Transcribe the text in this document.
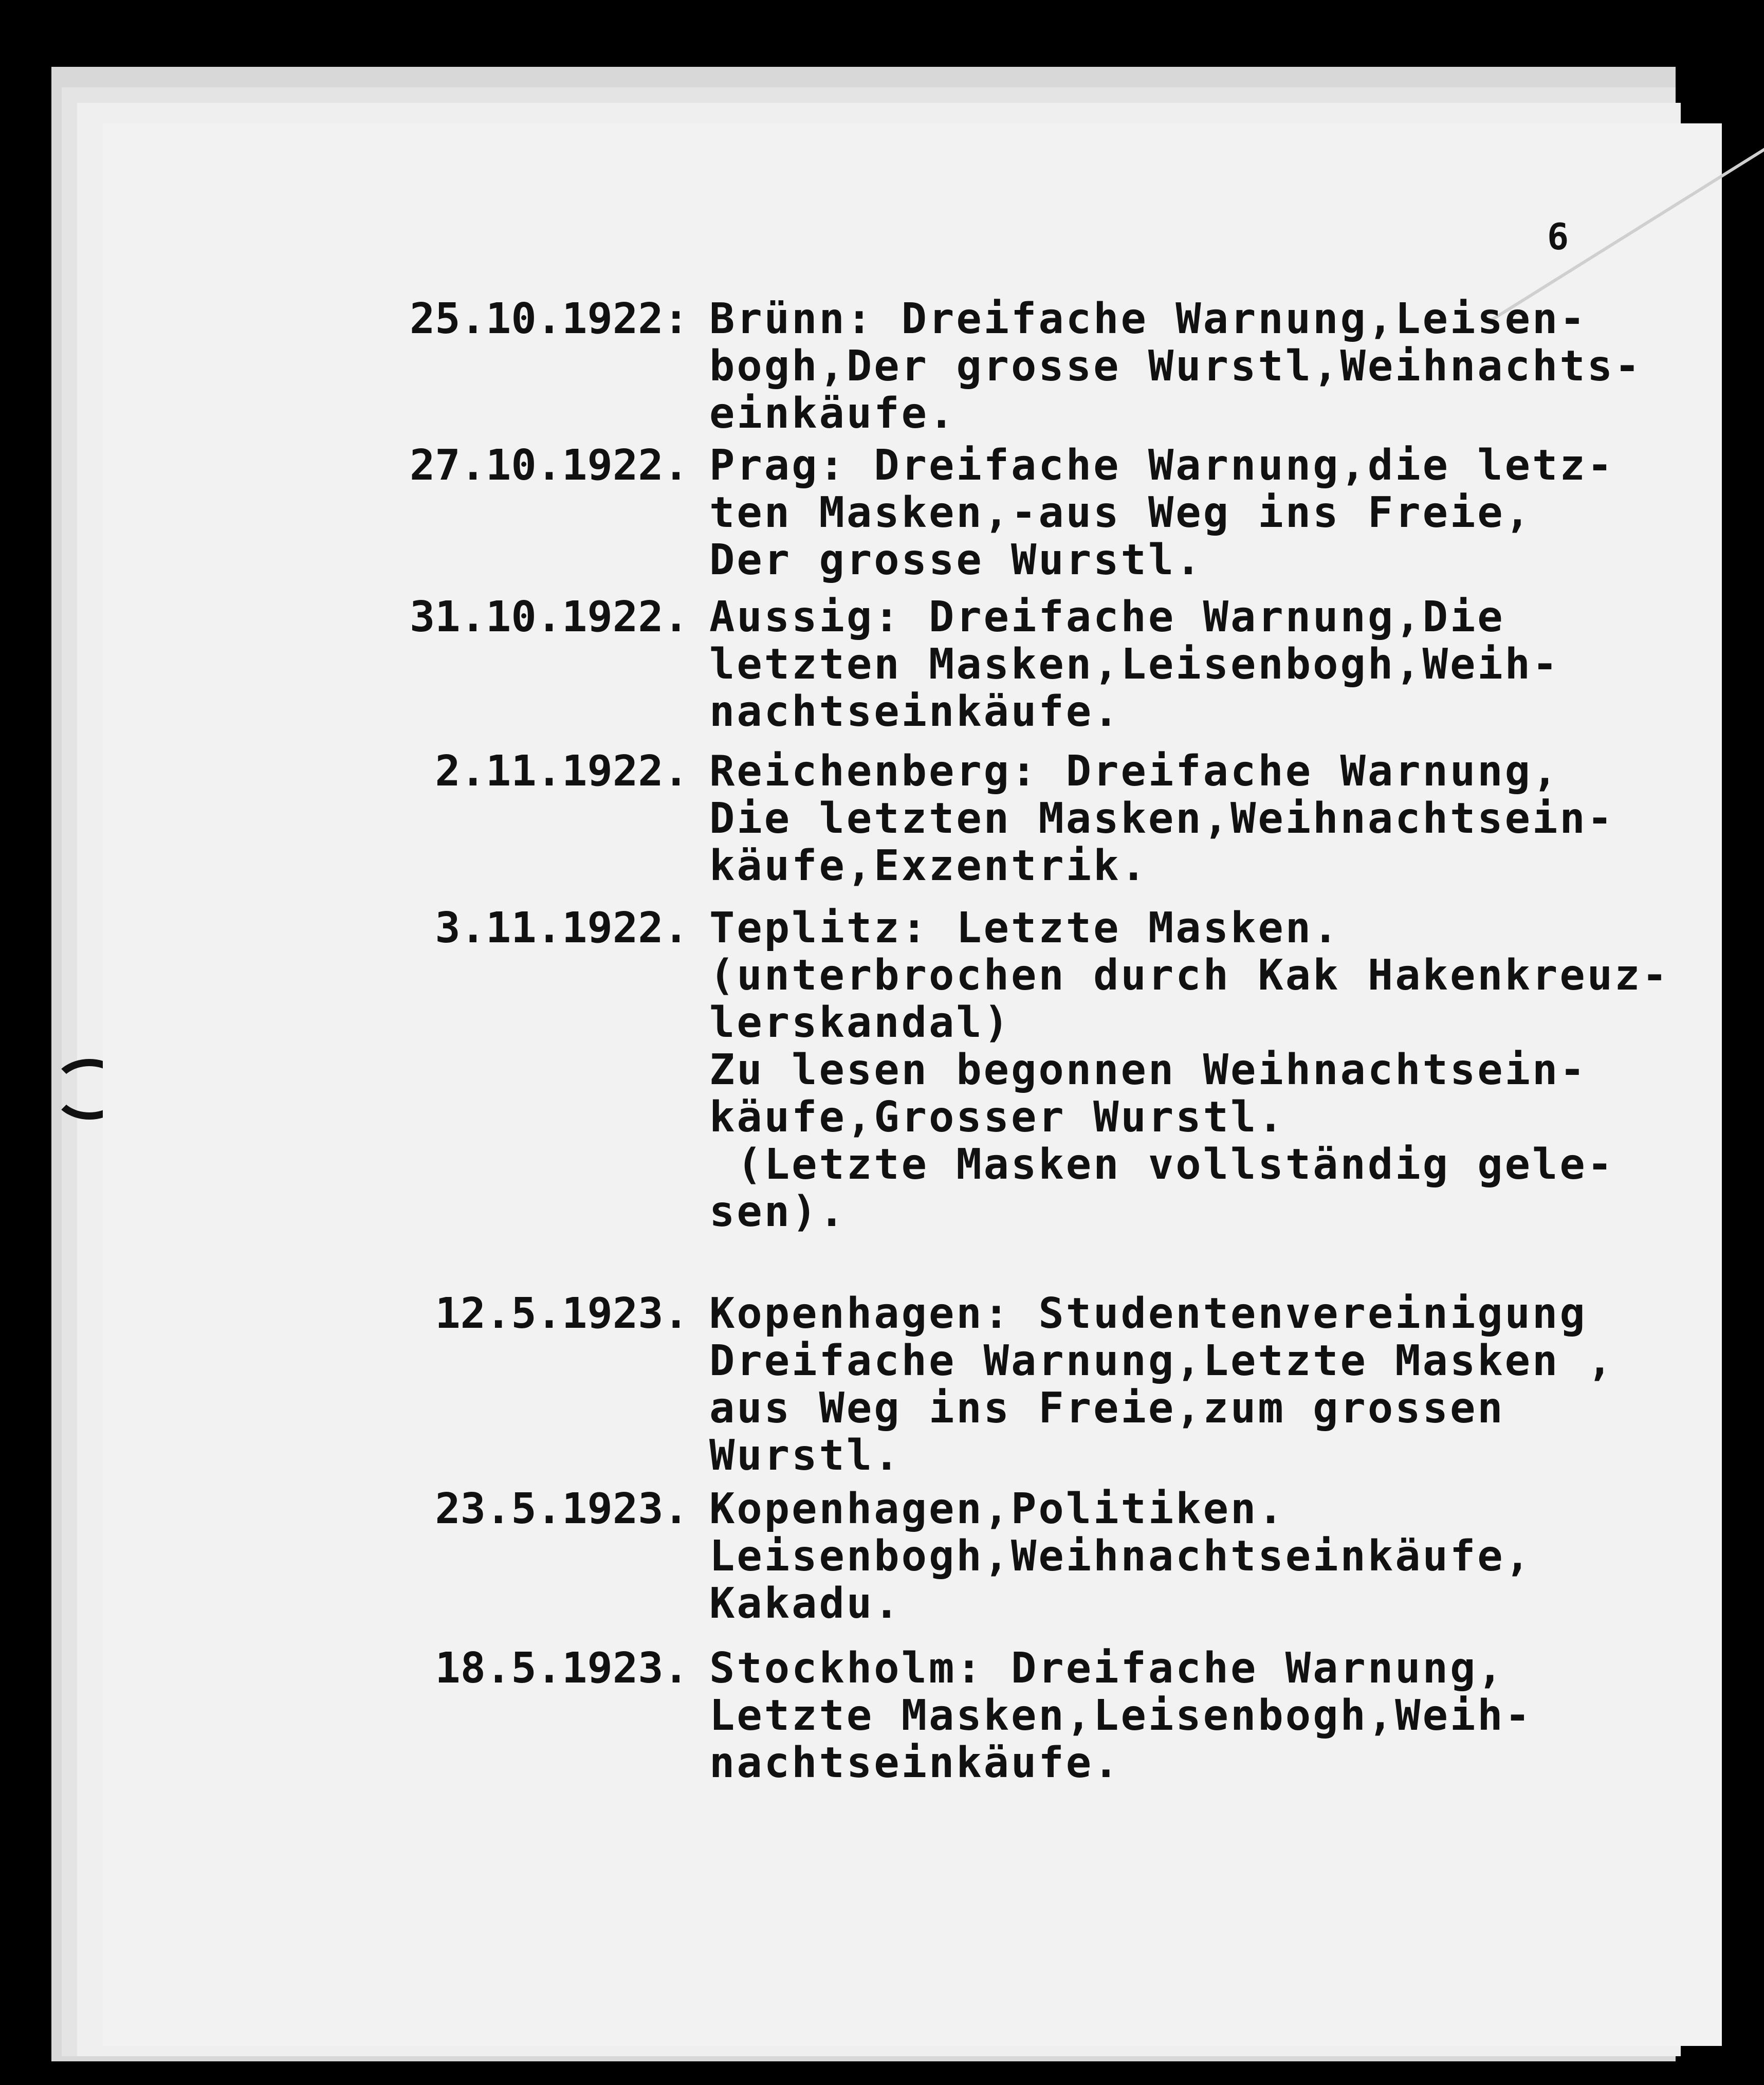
6
25.10.1922: Brünn: Dreifache Warnung,Leisen-
bogh,Der grosse Wurstl,Weihnachts-
einkäufe.
27.10.1922. Prag: Dreifache Warnung,die letz-
ten Masken,-aus Weg ins Freie,
Der grosse Wurstl.
31.10.1922. Aussig: Dreifache Warnung,Die
letzten Masken,Leisenbogh,Weih-
nachtseinkäufe.
2.11.1922. Reichenberg: Dreifache Warnung,
Die letzten Masken,Weihnachtsein-
käufe,Exzentrik.
3.11.1922. Teplitz: Letzte Masken.
(unterbrochen durch Kak Hakenkreuz-
lerskandal)
Zu lesen begonnen Weihnachtsein-
käufe,Grosser Wurstl.
(Letzte Masken vollständig gele-
sen).
12.5.1923. Kopenhagen: Studentenvereinigung
Dreifache Warnung,Letzte Masken ,
aus Weg ins Freie,zum grossen
Wurstl.
23.5.1923. Kopenhagen,Politiken.
Leisenbogh,Weihnachtseinkäufe,
Kakadu.
18.5.1923. Stockholm: Dreifache Warnung,
Letzte Masken,Leisenbogh,Weih-
nachtseinkäufe.
